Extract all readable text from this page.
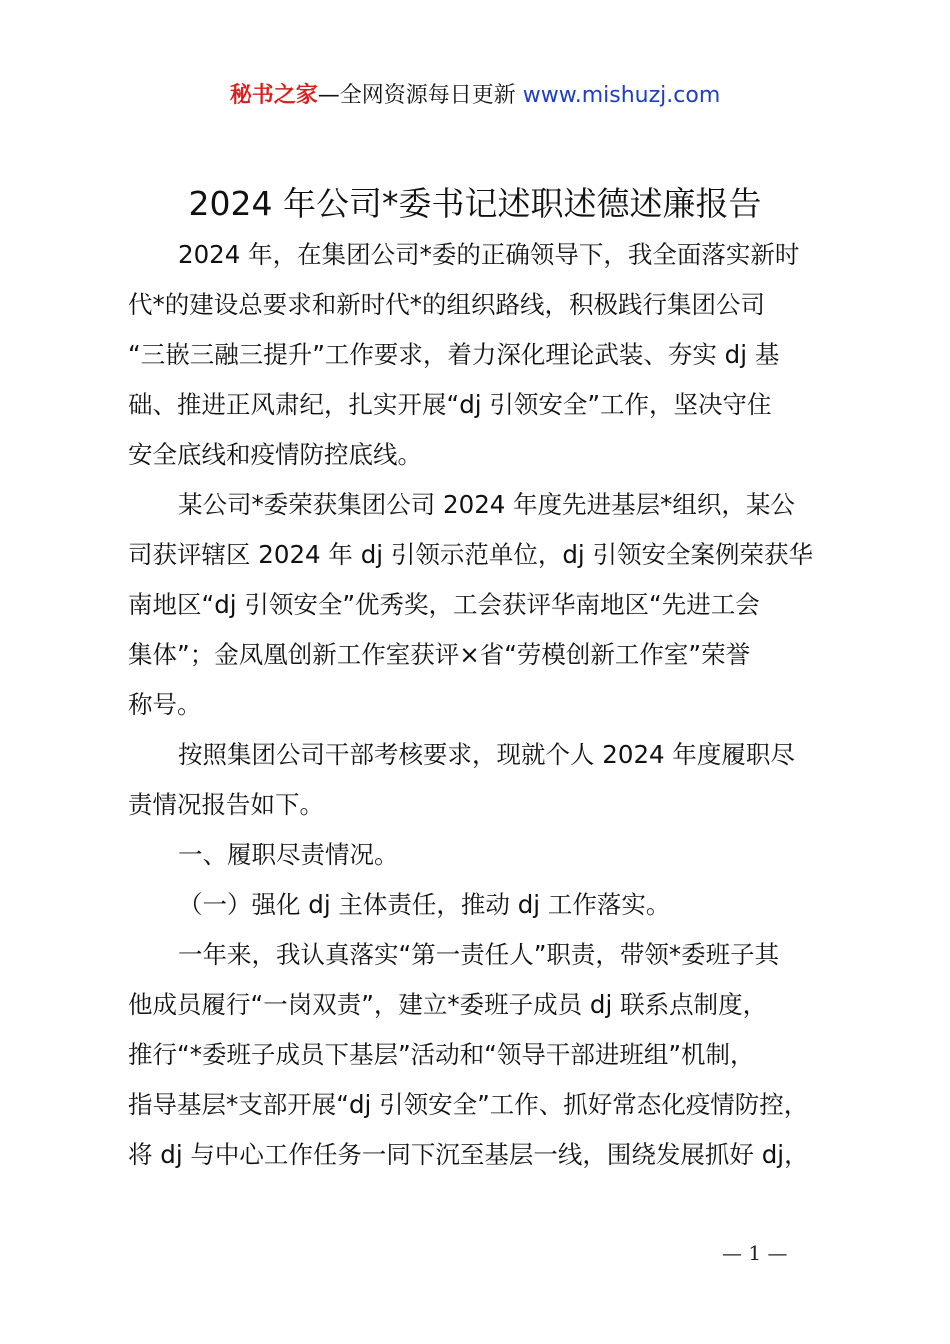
秘书之家—全网资源每日更新 www.mishuzj.com
2024 年公司*委书记述职述德述廉报告

2024 年，在集团公司*委的正确领导下，我全面落实新时

代*的建设总要求和新时代*的组织路线，积极践行集团公司

“三嵌三融三提升”工作要求，着力深化理论武装、夯实 dj 基

础、推进正风肃纪，扎实开展“dj 引领安全”工作，坚决守住

安全底线和疫情防控底线。

某公司*委荣获集团公司 2024 年度先进基层*组织，某公

司获评辖区 2024 年 dj 引领示范单位，dj 引领安全案例荣获华

南地区“dj 引领安全”优秀奖，工会获评华南地区“先进工会

集体”；金凤凰创新工作室获评×省“劳模创新工作室”荣誉

称号。

按照集团公司干部考核要求，现就个人 2024 年度履职尽

责情况报告如下。

一、履职尽责情况。

（一）强化 dj 主体责任，推动 dj 工作落实。

一年来，我认真落实“第一责任人”职责，带领*委班子其

他成员履行“一岗双责”，建立*委班子成员 dj 联系点制度，

推行“*委班子成员下基层”活动和“领导干部进班组”机制，

指导基层*支部开展“dj 引领安全”工作、抓好常态化疫情防控，

将 dj 与中心工作任务一同下沉至基层一线，围绕发展抓好 dj，

— 1 —
